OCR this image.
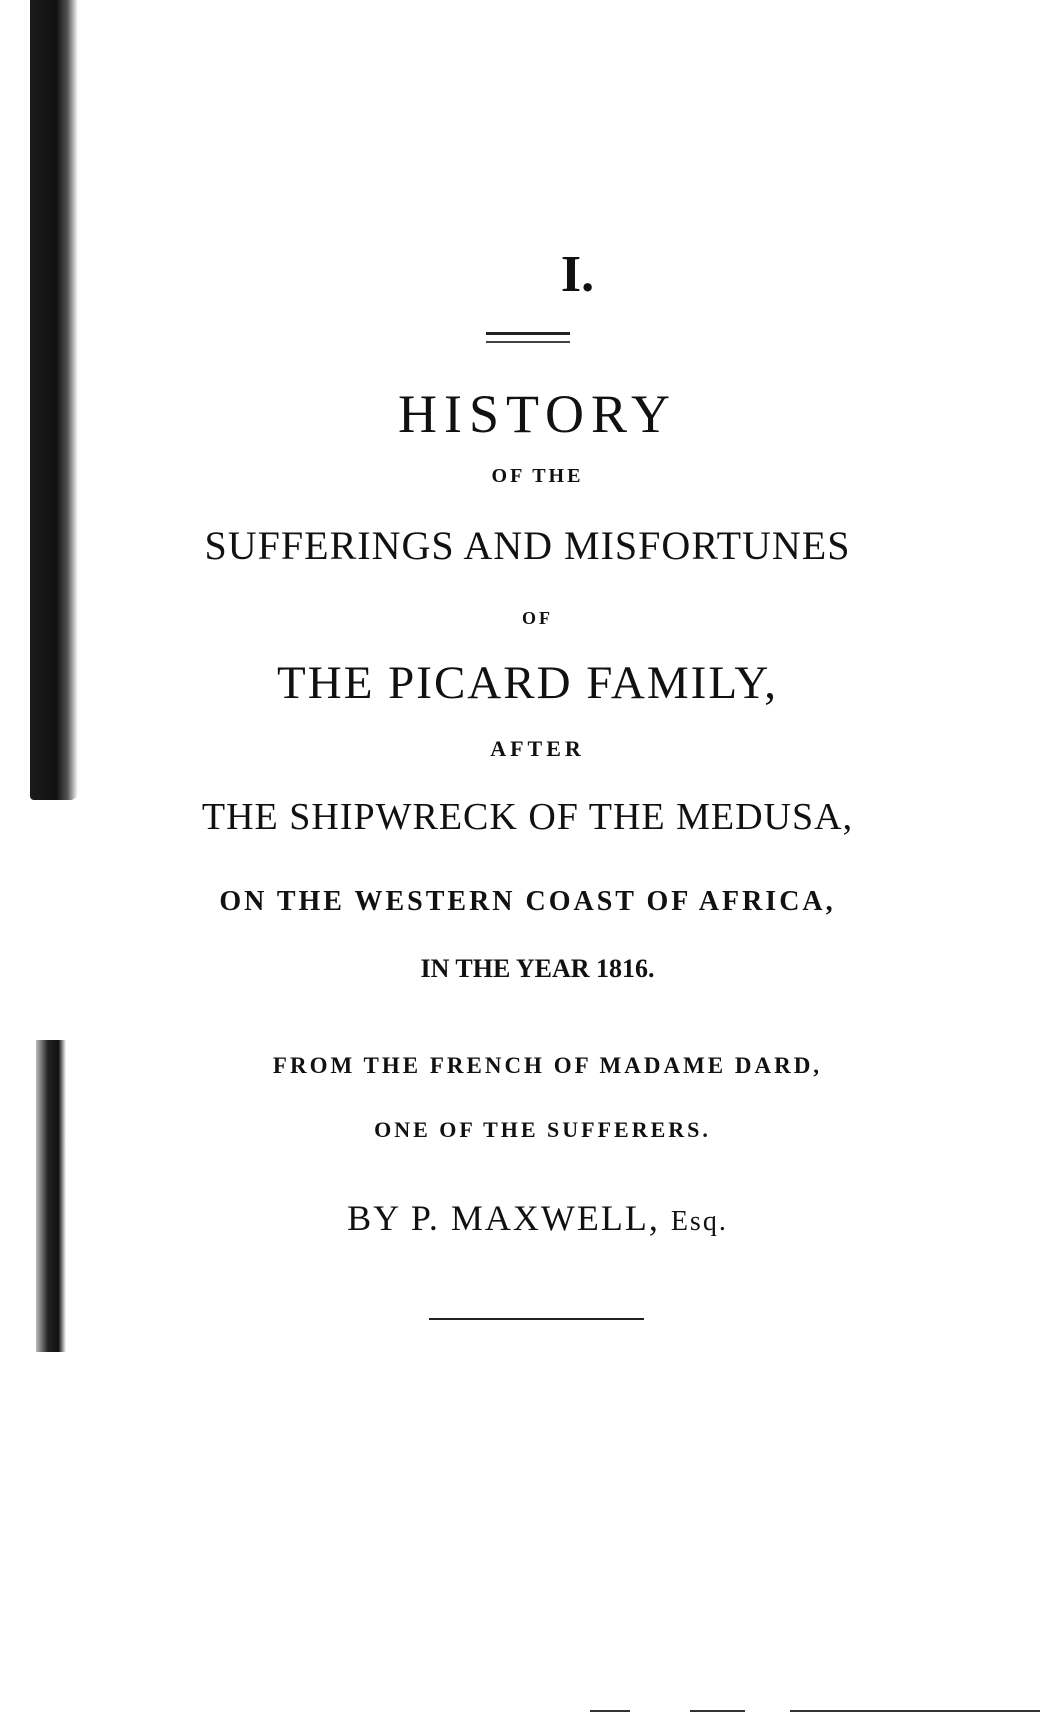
I.
HISTORY
OF THE
SUFFERINGS AND MISFORTUNES
OF
THE PICARD FAMILY,
AFTER
THE SHIPWRECK OF THE MEDUSA,
ON THE WESTERN COAST OF AFRICA,
IN THE YEAR 1816.
FROM THE FRENCH OF MADAME DARD,
ONE OF THE SUFFERERS.
BY P. MAXWELL, Esq.
